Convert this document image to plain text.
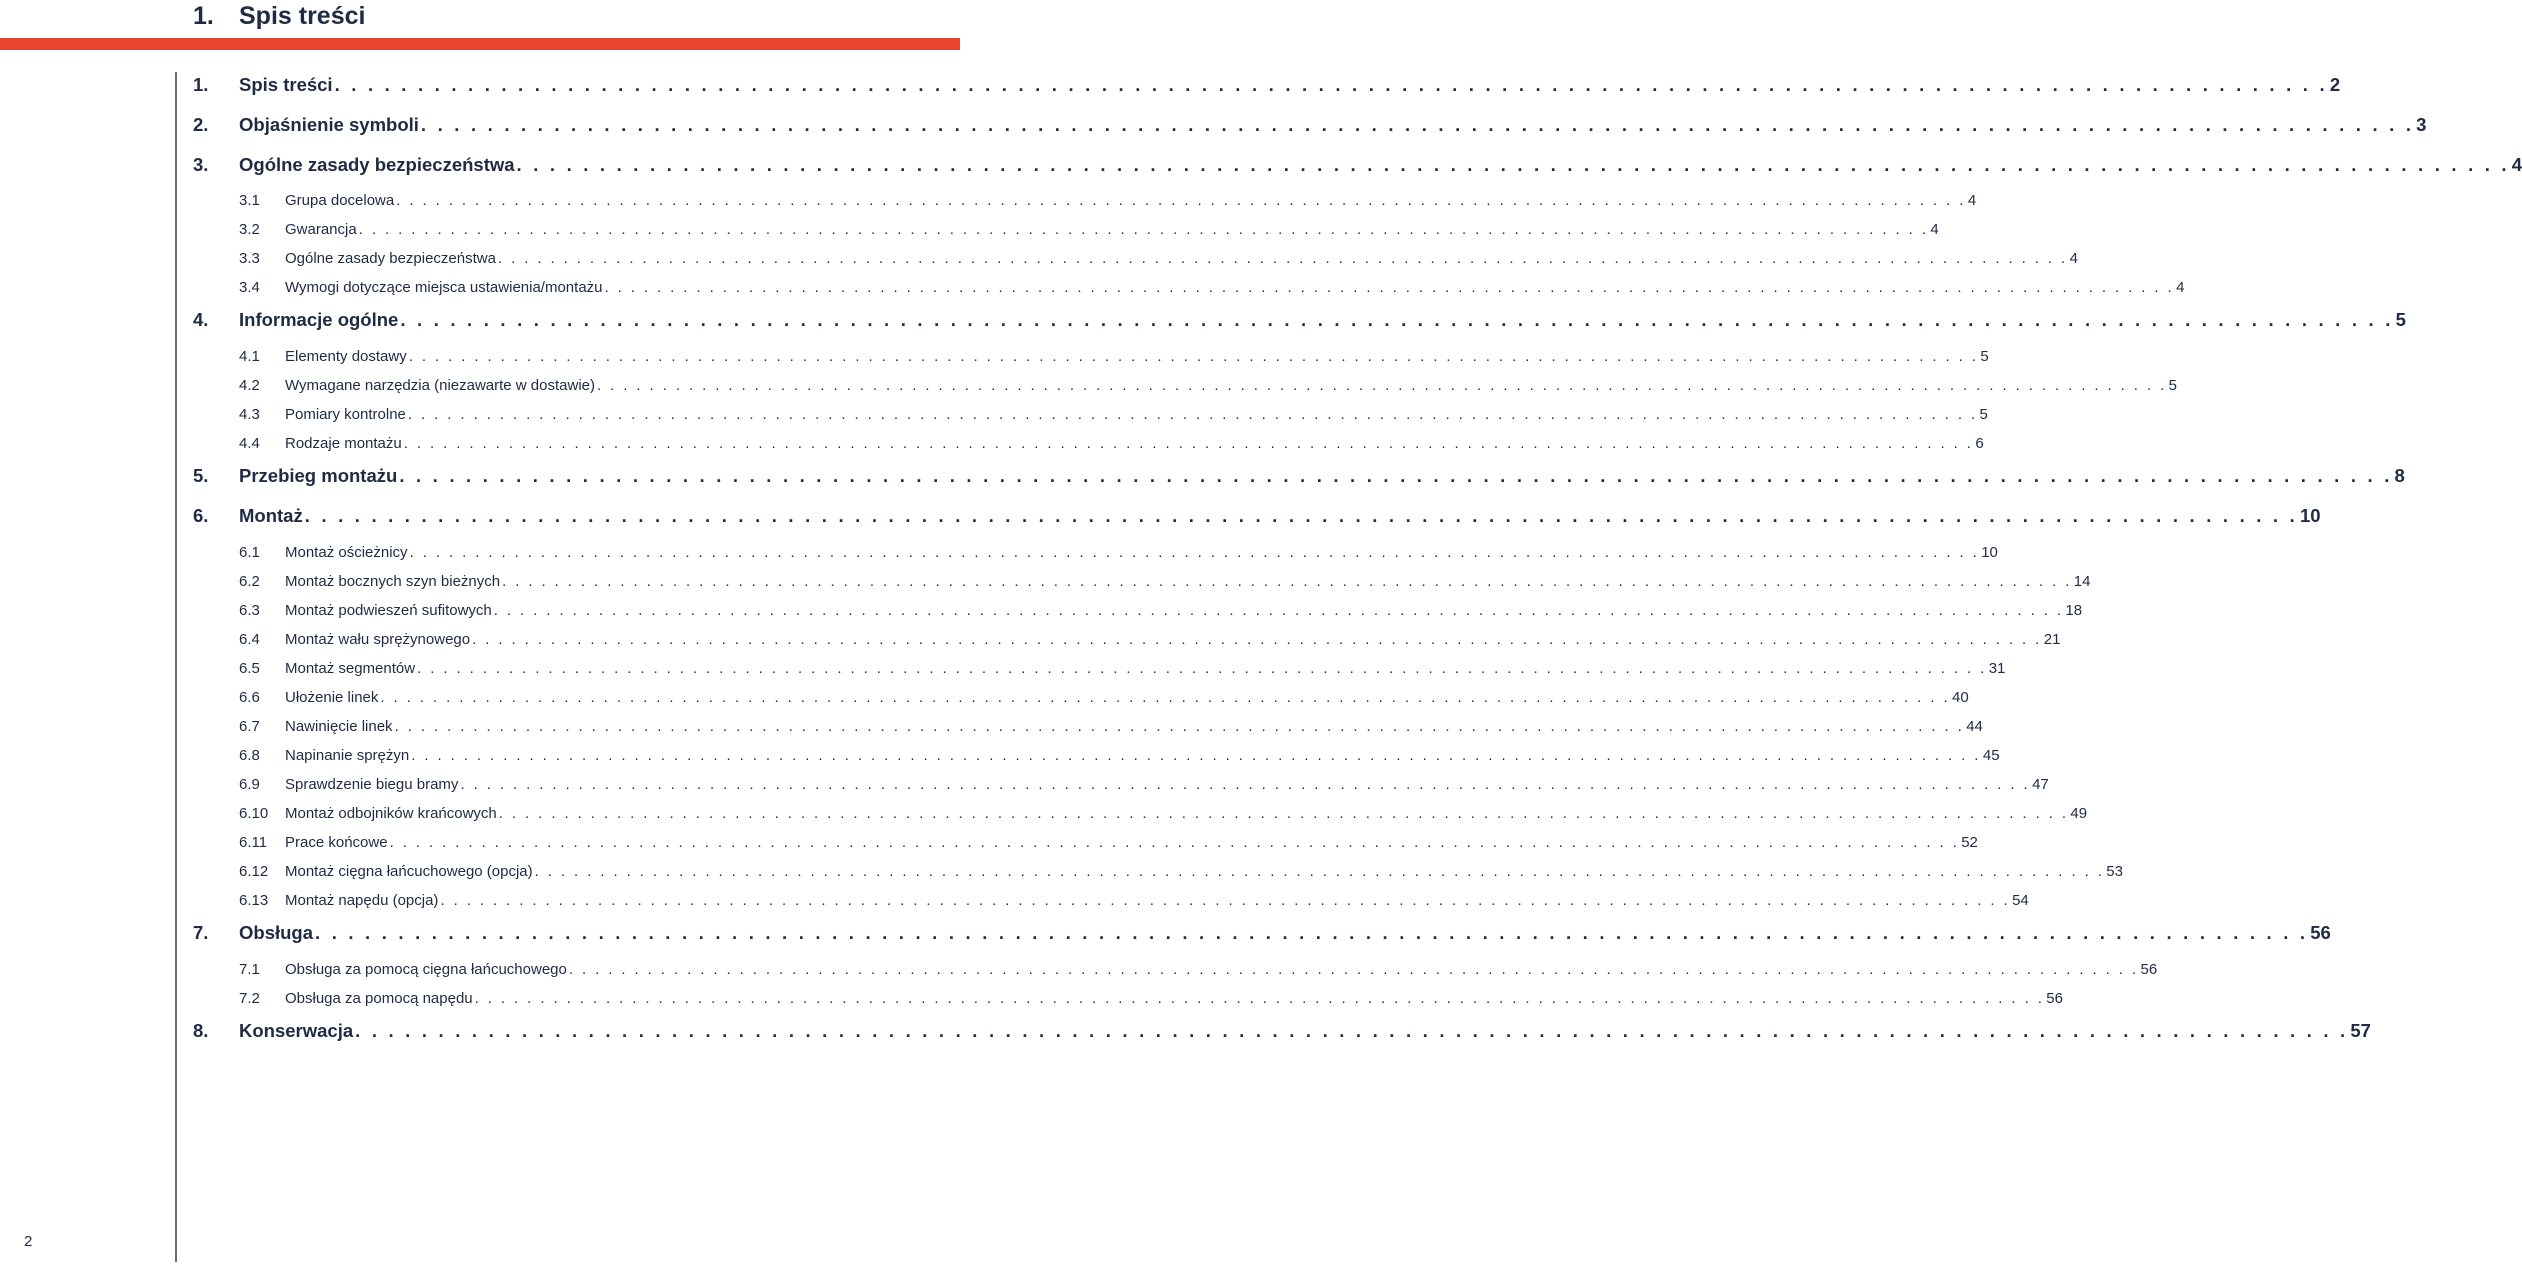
1. Spis treści
1.	Spis treści . . . . . . . . . . . . . . . . . . . . . . . . . . . . . . . . . . . . . . . . . . . . . . . . . . . . . . . . . . . . . . . . . . . . . . . . . . . . . . . . . . . . . . . . . . . . . . . . . . . . . . . . . . . . . . . . . . . . . . . . 2
2.	Objaśnienie symboli . . . . . . . . . . . . . . . . . . . . . . . . . . . . . . . . . . . . . . . . . . . . . . . . . . . . . . . . . . . . . . . . . . . . . . . . . . . . . . . . . . . . . . . . . . . . . . . . . . . . . . . . . . . . . . . . . . . . . . . . 3
3.	Ogólne zasady bezpieczeństwa . . . . . . . . . . . . . . . . . . . . . . . . . . . . . . . . . . . . . . . . . . . . . . . . . . . . . . . . . . . . . . . . . . . . . . . . . . . . . . . . . . . . . . . . . . . . . . . . . . . . . . . . . . . . . . . . . . . . . . . . 4
3.1	Grupa docelowa . . . . . . . . . . . . . . . . . . . . . . . . . . . . . . . . . . . . . . . . . . . . . . . . . . . . . . . . . . . . . . . . . . . . . . . . . . . . . . . . . . . . . . . . . . . . . . . . . . . . . . . . . . . . . . . . . . . . . . . . 4
3.2	Gwarancja . . . . . . . . . . . . . . . . . . . . . . . . . . . . . . . . . . . . . . . . . . . . . . . . . . . . . . . . . . . . . . . . . . . . . . . . . . . . . . . . . . . . . . . . . . . . . . . . . . . . . . . . . . . . . . . . . . . . . . . . 4
3.3	Ogólne zasady bezpieczeństwa . . . . . . . . . . . . . . . . . . . . . . . . . . . . . . . . . . . . . . . . . . . . . . . . . . . . . . . . . . . . . . . . . . . . . . . . . . . . . . . . . . . . . . . . . . . . . . . . . . . . . . . . . . . . . . . . . . . . . . . . 4
3.4	Wymogi dotyczące miejsca ustawienia/montażu . . . . . . . . . . . . . . . . . . . . . . . . . . . . . . . . . . . . . . . . . . . . . . . . . . . . . . . . . . . . . . . . . . . . . . . . . . . . . . . . . . . . . . . . . . . . . . . . . . . . . . . . . . . . . . . . . . . . . . . . 4
4.	Informacje ogólne . . . . . . . . . . . . . . . . . . . . . . . . . . . . . . . . . . . . . . . . . . . . . . . . . . . . . . . . . . . . . . . . . . . . . . . . . . . . . . . . . . . . . . . . . . . . . . . . . . . . . . . . . . . . . . . . . . . . . . . . 5
4.1	Elementy dostawy . . . . . . . . . . . . . . . . . . . . . . . . . . . . . . . . . . . . . . . . . . . . . . . . . . . . . . . . . . . . . . . . . . . . . . . . . . . . . . . . . . . . . . . . . . . . . . . . . . . . . . . . . . . . . . . . . . . . . . . . 5
4.2	Wymagane narzędzia (niezawarte w dostawie) . . . . . . . . . . . . . . . . . . . . . . . . . . . . . . . . . . . . . . . . . . . . . . . . . . . . . . . . . . . . . . . . . . . . . . . . . . . . . . . . . . . . . . . . . . . . . . . . . . . . . . . . . . . . . . . . . . . . . . . . 5
4.3	Pomiary kontrolne . . . . . . . . . . . . . . . . . . . . . . . . . . . . . . . . . . . . . . . . . . . . . . . . . . . . . . . . . . . . . . . . . . . . . . . . . . . . . . . . . . . . . . . . . . . . . . . . . . . . . . . . . . . . . . . . . . . . . . . . 5
4.4	Rodzaje montażu . . . . . . . . . . . . . . . . . . . . . . . . . . . . . . . . . . . . . . . . . . . . . . . . . . . . . . . . . . . . . . . . . . . . . . . . . . . . . . . . . . . . . . . . . . . . . . . . . . . . . . . . . . . . . . . . . . . . . . . . 6
5.	Przebieg montażu . . . . . . . . . . . . . . . . . . . . . . . . . . . . . . . . . . . . . . . . . . . . . . . . . . . . . . . . . . . . . . . . . . . . . . . . . . . . . . . . . . . . . . . . . . . . . . . . . . . . . . . . . . . . . . . . . . . . . . . . 8
6.	Montaż . . . . . . . . . . . . . . . . . . . . . . . . . . . . . . . . . . . . . . . . . . . . . . . . . . . . . . . . . . . . . . . . . . . . . . . . . . . . . . . . . . . . . . . . . . . . . . . . . . . . . . . . . . . . . . . . . . . . . . . . 10
6.1	Montaż ościeżnicy . . . . . . . . . . . . . . . . . . . . . . . . . . . . . . . . . . . . . . . . . . . . . . . . . . . . . . . . . . . . . . . . . . . . . . . . . . . . . . . . . . . . . . . . . . . . . . . . . . . . . . . . . . . . . . . . . . . . . . . . 10
6.2	Montaż bocznych szyn bieżnych . . . . . . . . . . . . . . . . . . . . . . . . . . . . . . . . . . . . . . . . . . . . . . . . . . . . . . . . . . . . . . . . . . . . . . . . . . . . . . . . . . . . . . . . . . . . . . . . . . . . . . . . . . . . . . . . . . . . . . . . 14
6.3	Montaż podwieszeń sufitowych . . . . . . . . . . . . . . . . . . . . . . . . . . . . . . . . . . . . . . . . . . . . . . . . . . . . . . . . . . . . . . . . . . . . . . . . . . . . . . . . . . . . . . . . . . . . . . . . . . . . . . . . . . . . . . . . . . . . . . . . 18
6.4	Montaż wału sprężynowego . . . . . . . . . . . . . . . . . . . . . . . . . . . . . . . . . . . . . . . . . . . . . . . . . . . . . . . . . . . . . . . . . . . . . . . . . . . . . . . . . . . . . . . . . . . . . . . . . . . . . . . . . . . . . . . . . . . . . . . . 21
6.5	Montaż segmentów . . . . . . . . . . . . . . . . . . . . . . . . . . . . . . . . . . . . . . . . . . . . . . . . . . . . . . . . . . . . . . . . . . . . . . . . . . . . . . . . . . . . . . . . . . . . . . . . . . . . . . . . . . . . . . . . . . . . . . . . 31
6.6	Ułożenie linek . . . . . . . . . . . . . . . . . . . . . . . . . . . . . . . . . . . . . . . . . . . . . . . . . . . . . . . . . . . . . . . . . . . . . . . . . . . . . . . . . . . . . . . . . . . . . . . . . . . . . . . . . . . . . . . . . . . . . . . . 40
6.7	Nawinięcie linek . . . . . . . . . . . . . . . . . . . . . . . . . . . . . . . . . . . . . . . . . . . . . . . . . . . . . . . . . . . . . . . . . . . . . . . . . . . . . . . . . . . . . . . . . . . . . . . . . . . . . . . . . . . . . . . . . . . . . . . . 44
6.8	Napinanie sprężyn . . . . . . . . . . . . . . . . . . . . . . . . . . . . . . . . . . . . . . . . . . . . . . . . . . . . . . . . . . . . . . . . . . . . . . . . . . . . . . . . . . . . . . . . . . . . . . . . . . . . . . . . . . . . . . . . . . . . . . . . 45
6.9	Sprawdzenie biegu bramy . . . . . . . . . . . . . . . . . . . . . . . . . . . . . . . . . . . . . . . . . . . . . . . . . . . . . . . . . . . . . . . . . . . . . . . . . . . . . . . . . . . . . . . . . . . . . . . . . . . . . . . . . . . . . . . . . . . . . . . . 47
6.10	Montaż odbojników krańcowych . . . . . . . . . . . . . . . . . . . . . . . . . . . . . . . . . . . . . . . . . . . . . . . . . . . . . . . . . . . . . . . . . . . . . . . . . . . . . . . . . . . . . . . . . . . . . . . . . . . . . . . . . . . . . . . . . . . . . . . . 49
6.11	Prace końcowe . . . . . . . . . . . . . . . . . . . . . . . . . . . . . . . . . . . . . . . . . . . . . . . . . . . . . . . . . . . . . . . . . . . . . . . . . . . . . . . . . . . . . . . . . . . . . . . . . . . . . . . . . . . . . . . . . . . . . . . . 52
6.12	Montaż cięgna łańcuchowego (opcja) . . . . . . . . . . . . . . . . . . . . . . . . . . . . . . . . . . . . . . . . . . . . . . . . . . . . . . . . . . . . . . . . . . . . . . . . . . . . . . . . . . . . . . . . . . . . . . . . . . . . . . . . . . . . . . . . . . . . . . . . 53
6.13	Montaż napędu (opcja) . . . . . . . . . . . . . . . . . . . . . . . . . . . . . . . . . . . . . . . . . . . . . . . . . . . . . . . . . . . . . . . . . . . . . . . . . . . . . . . . . . . . . . . . . . . . . . . . . . . . . . . . . . . . . . . . . . . . . . . . 54
7.	Obsługa . . . . . . . . . . . . . . . . . . . . . . . . . . . . . . . . . . . . . . . . . . . . . . . . . . . . . . . . . . . . . . . . . . . . . . . . . . . . . . . . . . . . . . . . . . . . . . . . . . . . . . . . . . . . . . . . . . . . . . . . 56
7.1	Obsługa za pomocą cięgna łańcuchowego . . . . . . . . . . . . . . . . . . . . . . . . . . . . . . . . . . . . . . . . . . . . . . . . . . . . . . . . . . . . . . . . . . . . . . . . . . . . . . . . . . . . . . . . . . . . . . . . . . . . . . . . . . . . . . . . . . . . . . . . 56
7.2	Obsługa za pomocą napędu . . . . . . . . . . . . . . . . . . . . . . . . . . . . . . . . . . . . . . . . . . . . . . . . . . . . . . . . . . . . . . . . . . . . . . . . . . . . . . . . . . . . . . . . . . . . . . . . . . . . . . . . . . . . . . . . . . . . . . . . 56
8.	Konserwacja . . . . . . . . . . . . . . . . . . . . . . . . . . . . . . . . . . . . . . . . . . . . . . . . . . . . . . . . . . . . . . . . . . . . . . . . . . . . . . . . . . . . . . . . . . . . . . . . . . . . . . . . . . . . . . . . . . . . . . . . 57
2
